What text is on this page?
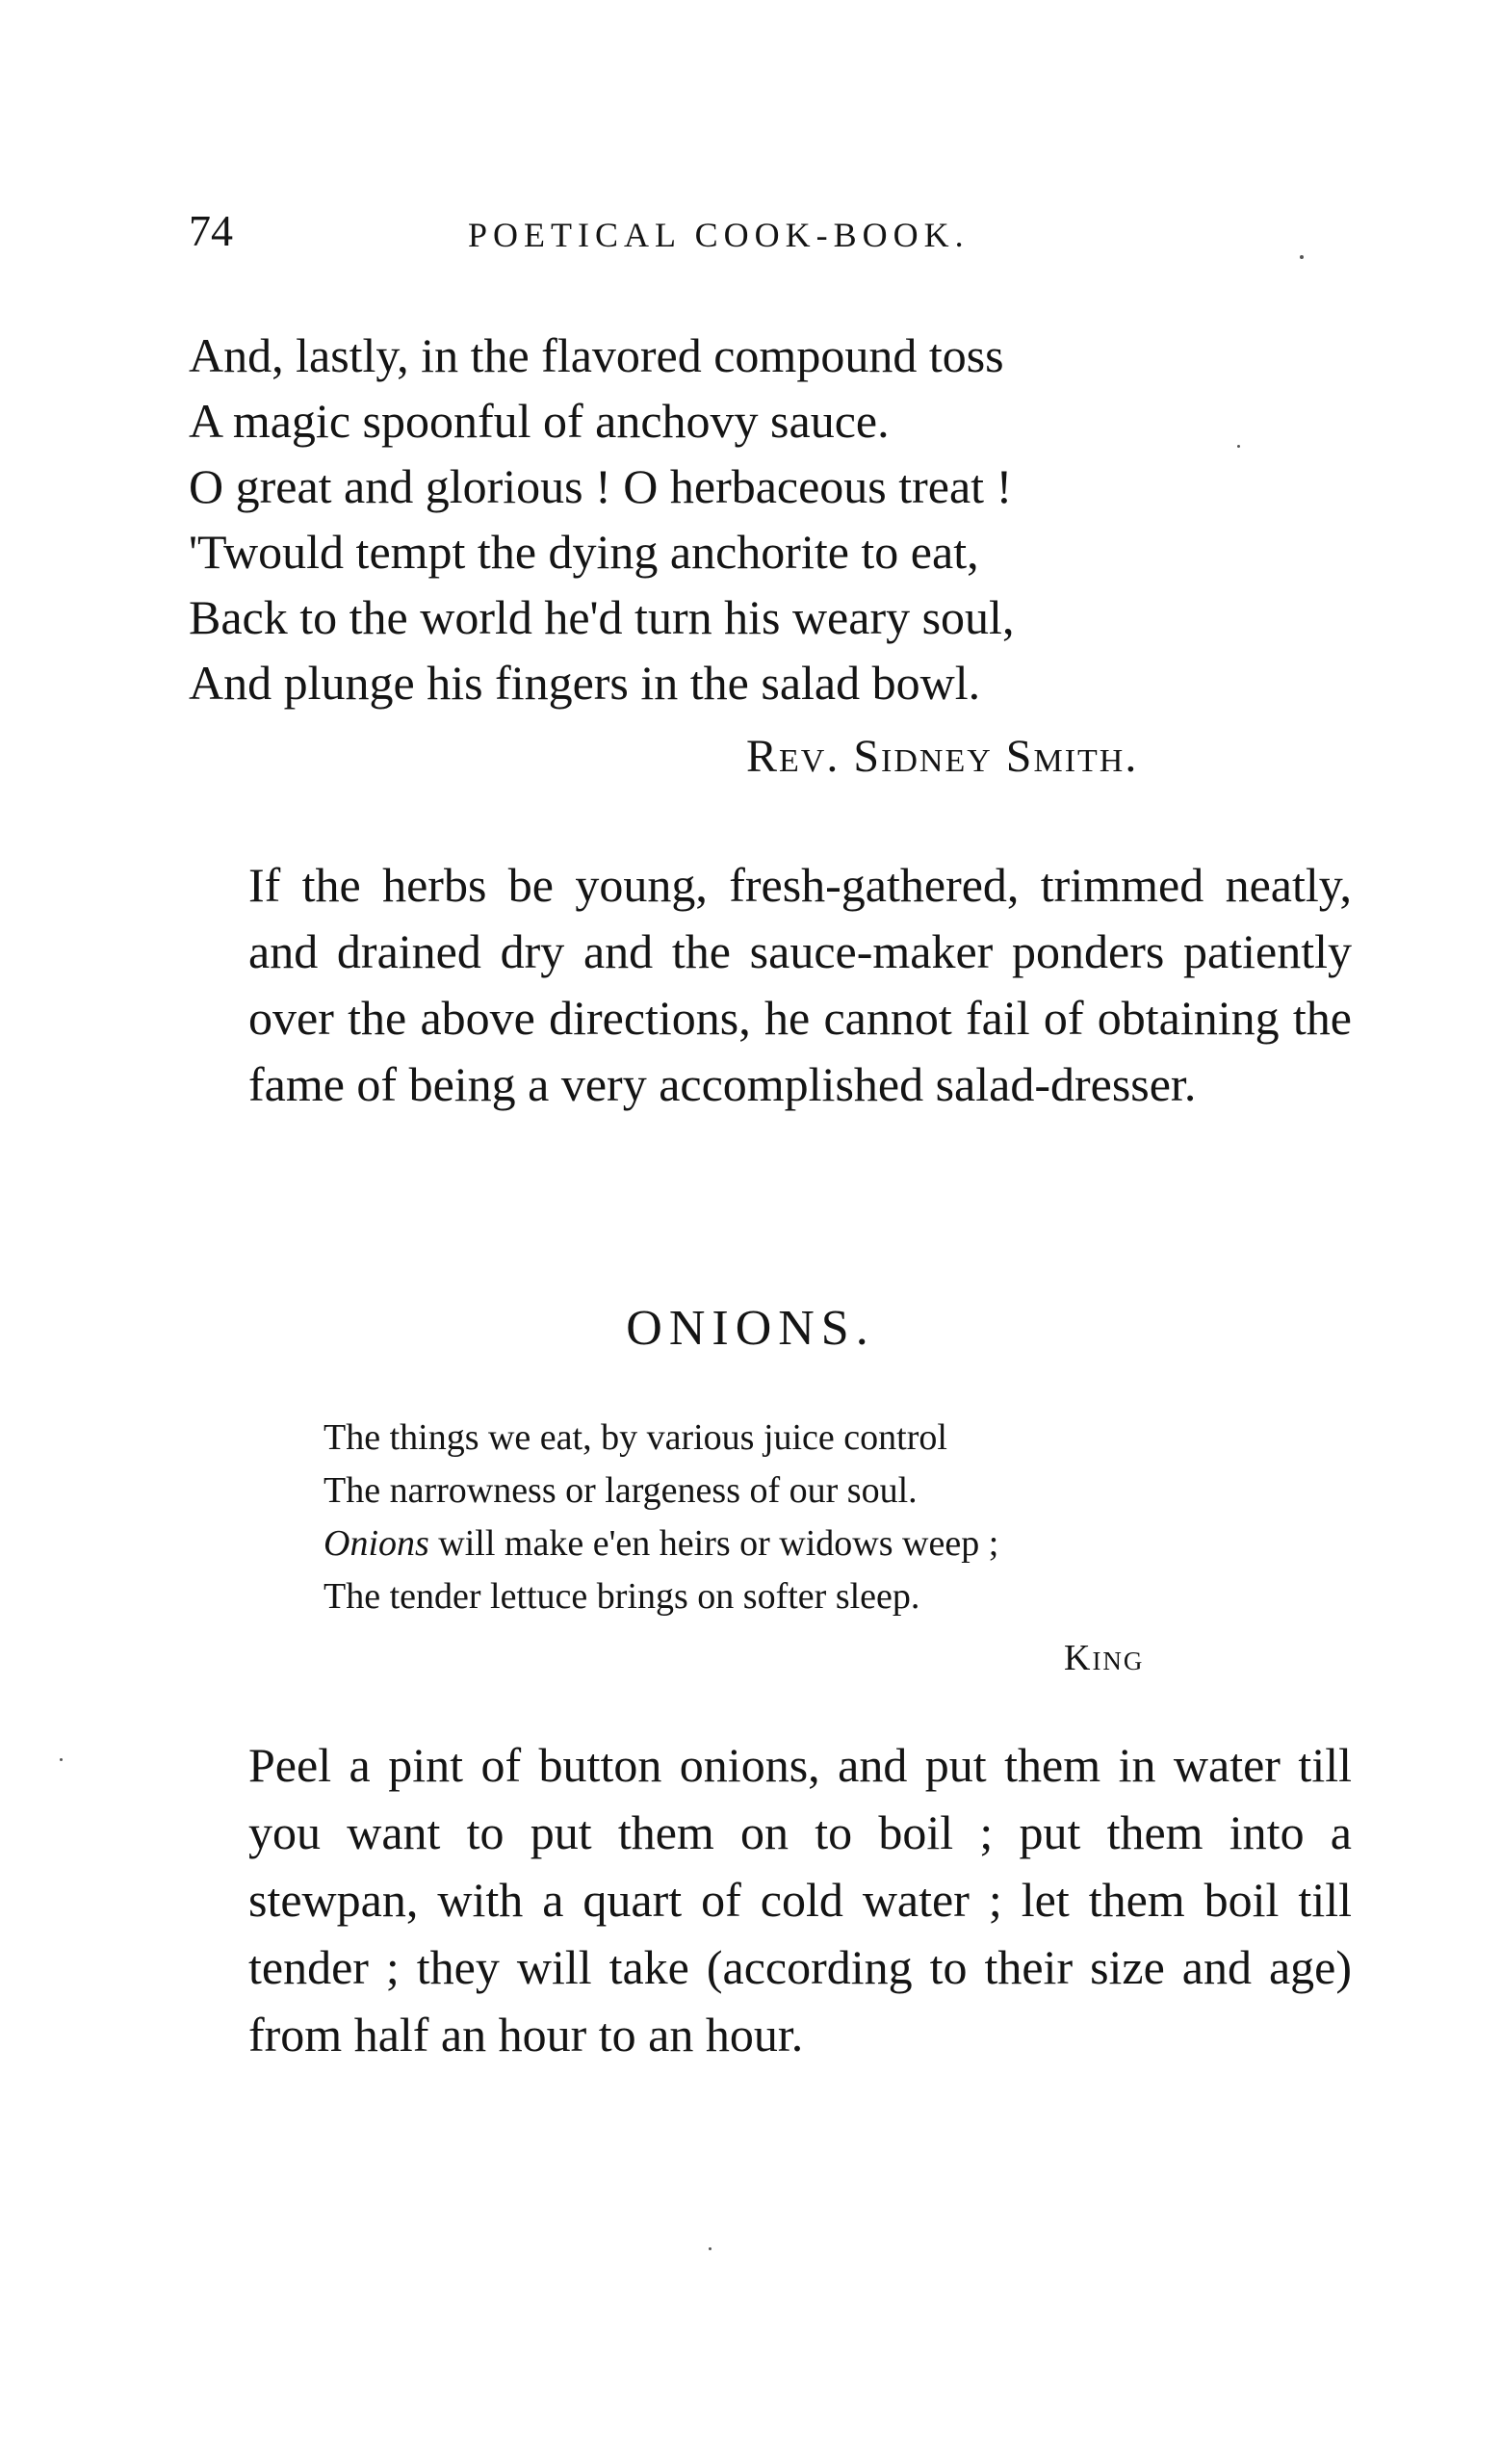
74	POETICAL COOK-BOOK.
And, lastly, in the flavored compound toss
A magic spoonful of anchovy sauce.
O great and glorious ! O herbaceous treat !
'Twould tempt the dying anchorite to eat,
Back to the world he'd turn his weary soul,
And plunge his fingers in the salad bowl.
Rev. Sidney Smith.
If the herbs be young, fresh-gathered, trimmed neatly, and drained dry and the sauce-maker ponders patiently over the above directions, he cannot fail of obtaining the fame of being a very accomplished salad-dresser.
ONIONS.
The things we eat, by various juice control
The narrowness or largeness of our soul.
Onions will make e'en heirs or widows weep ;
The tender lettuce brings on softer sleep.
King
Peel a pint of button onions, and put them in water till you want to put them on to boil ; put them into a stewpan, with a quart of cold water ; let them boil till tender ; they will take (according to their size and age) from half an hour to an hour.
